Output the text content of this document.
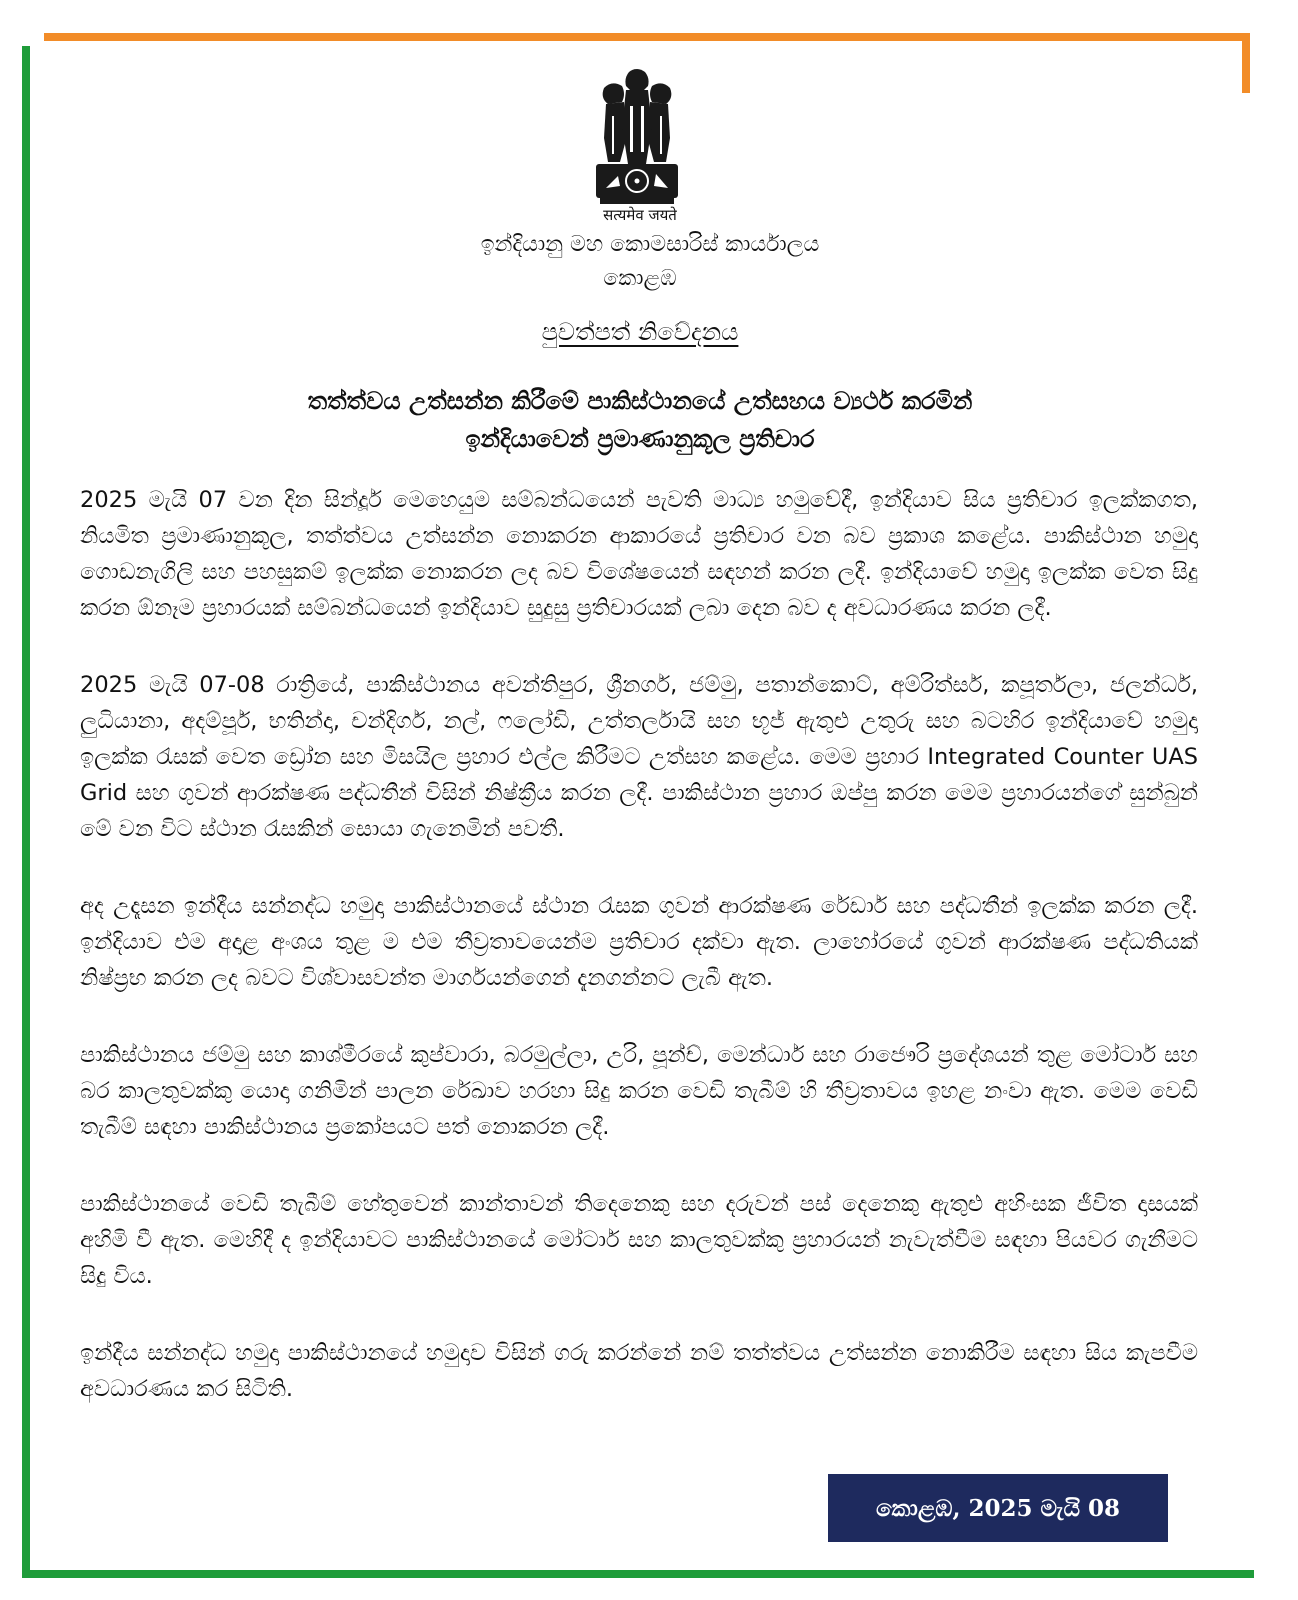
सत्यमेव जयते
ඉන්දියානු මහ කොමසාරිස් කාර්යාලය
කොළඹ
පුවත්පත් නිවේදනය
තත්ත්වය උත්සන්න කිරීමේ පාකිස්ථානයේ උත්සහය ව්‍යර්ථ කරමින්
ඉන්දියාවෙන් ප්‍රමාණානුකූල ප්‍රතිචාර

2025 මැයි 07 වන දින සින්දූර් මෙහෙයුම සම්බන්ධයෙන් පැවති මාධ්‍ය හමුවේදී, ඉන්දියාව සිය ප්‍රතිචාර ඉලක්කගත, නියමිත ප්‍රමාණානුකූල, තත්ත්වය උත්සන්න නොකරන ආකාරයේ ප්‍රතිචාර වන බව ප්‍රකාශ කළේය. පාකිස්ථාන හමුදා ගොඩනැගිලි සහ පහසුකම් ඉලක්ක නොකරන ලද බව විශේෂයෙන් සඳහන් කරන ලදී. ඉන්දියාවේ හමුදා ඉලක්ක වෙත සිදු කරන ඕනෑම ප්‍රහාරයක් සම්බන්ධයෙන් ඉන්දියාව සුදුසු ප්‍රතිචාරයක් ලබා දෙන බව ද අවධාරණය කරන ලදී.

2025 මැයි 07-08 රාත්‍රියේ, පාකිස්ථානය අවන්තිපුර, ශ්‍රීනගර්, ජම්මු, පතාන්කොට්, අම්රිත්සර්, කපූර්තලා, ජලන්ධර්, ලුධියානා, අදම්පූර්, භතින්දා, චන්දිගර්, නල්, ෆලෝඩි, උත්තර්ලායි සහ භූජ් ඇතුළු උතුරු සහ බටහිර ඉන්දියාවේ හමුදා ඉලක්ක රැසක් වෙත ඩ්‍රෝන සහ මිසයිල ප්‍රහාර එල්ල කිරීමට උත්සහ කළේය. මෙම ප්‍රහාර Integrated Counter UAS Grid සහ ගුවන් ආරක්ෂණ පද්ධතීන් විසින් නිෂ්ක්‍රීය කරන ලදී. පාකිස්ථාන ප්‍රහාර ඔප්පු කරන මෙම ප්‍රහාරයන්ගේ සුන්බුන් මේ වන විට ස්ථාන රැසකින් සොයා ගැනෙමින් පවතී.

අද උදෑසන ඉන්දීය සන්නද්ධ හමුදා පාකිස්ථානයේ ස්ථාන රැසක ගුවන් ආරක්ෂණ රේඩාර් සහ පද්ධතීන් ඉලක්ක කරන ලදී. ඉන්දියාව එම අදාළ අංශය තුළ ම එම තීව්‍රතාවයෙන්ම ප්‍රතිචාර දක්වා ඇත. ලාහෝරයේ ගුවන් ආරක්ෂණ පද්ධතියක් නිෂ්ප්‍රභ කරන ලද බවට විශ්වාසවන්ත මාර්ගයන්ගෙන් දැනගන්නට ලැබී ඇත.

පාකිස්ථානය ජම්මු සහ කාශ්මීරයේ කුප්වාරා, බරමුල්ලා, උරි, පූන්ච්, මෙන්ධාර් සහ රාජෞරි ප්‍රදේශයන් තුළ මෝටාර් සහ බර කාලතුවක්කු යොදා ගනිමින් පාලන රේඛාව හරහා සිදු කරන වෙඩි තැබීම් හි තීව්‍රතාවය ඉහළ නංවා ඇත. මෙම වෙඩි තැබීම් සඳහා පාකිස්ථානය ප්‍රකෝපයට පත් නොකරන ලදී.

පාකිස්ථානයේ වෙඩි තැබීම් හේතුවෙන් කාන්තාවන් තිදෙනෙකු සහ දරුවන් පස් දෙනෙකු ඇතුළු අහිංසක ජීවිත දාසයක් අහිමි වී ඇත. මෙහිදී ද ඉන්දියාවට පාකිස්ථානයේ මෝටාර් සහ කාලතුවක්කු ප්‍රහාරයන් නැවැත්වීම සඳහා පියවර ගැනීමට සිදු විය.

ඉන්දීය සන්නද්ධ හමුදා පාකිස්ථානයේ හමුදාව විසින් ගරු කරන්නේ නම් තත්ත්වය උත්සන්න නොකිරීම සඳහා සිය කැපවීම අවධාරණය කර සිටිති.

කොළඹ, 2025 මැයි 08
